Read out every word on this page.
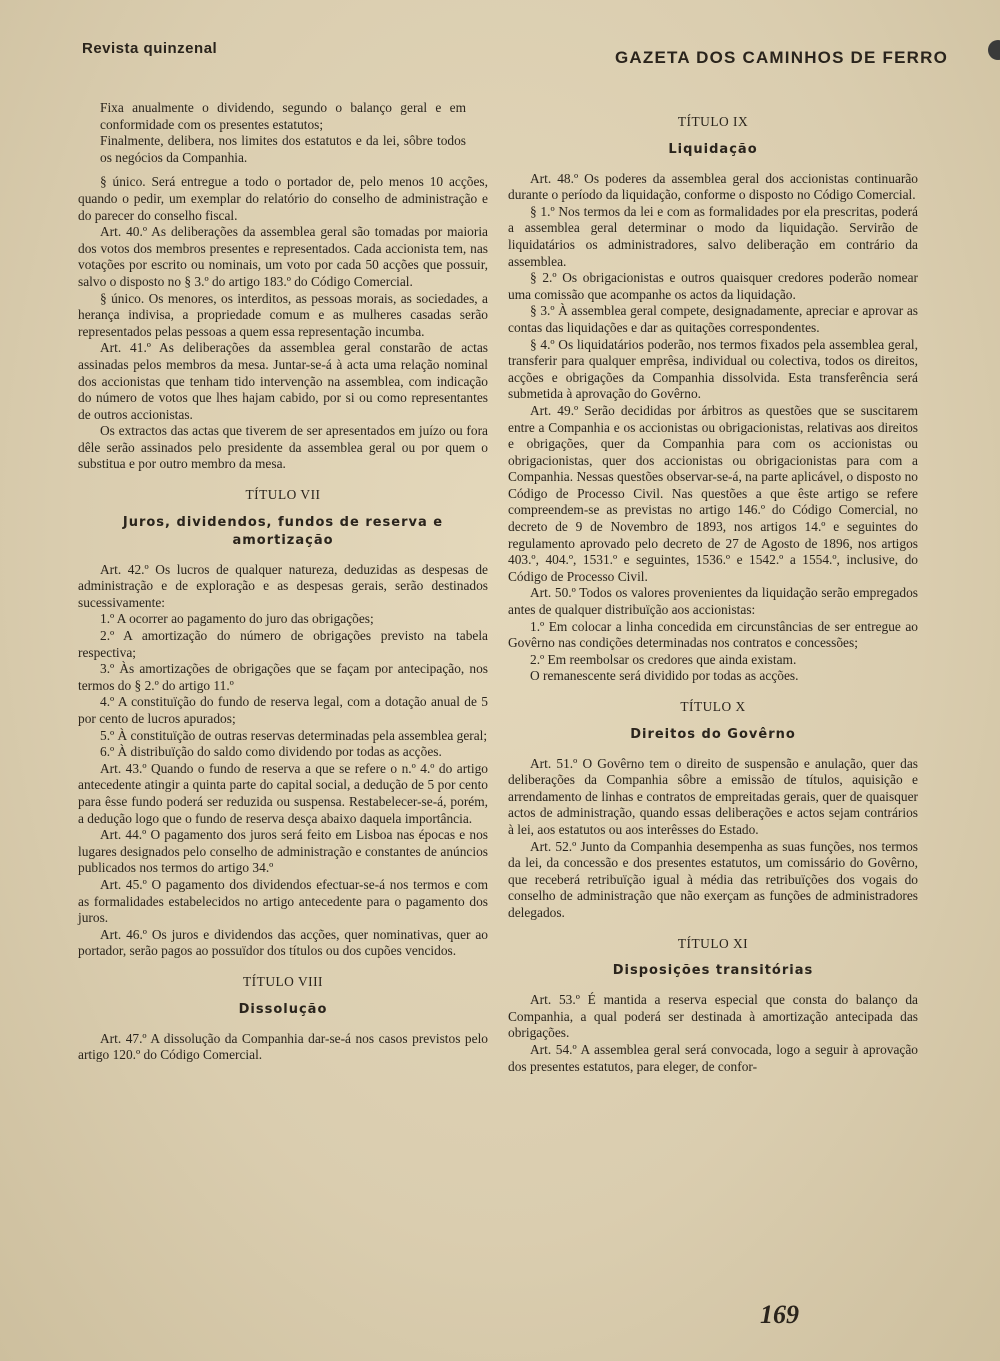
Revista quinzenal	GAZETA DOS CAMINHOS DE FERRO

Fixa anualmente o dividendo, segundo o balanço geral e em conformidade com os presentes estatutos;

Finalmente, delibera, nos limites dos estatutos e da lei, sôbre todos os negócios da Companhia.

§ único. Será entregue a todo o portador de, pelo menos 10 acções, quando o pedir, um exemplar do relatório do conselho de administração e do parecer do conselho fiscal.

Art. 40.º As deliberações da assemblea geral são tomadas por maioria dos votos dos membros presentes e representados. Cada accionista tem, nas votações por escrito ou nominais, um voto por cada 50 acções que possuir, salvo o disposto no § 3.º do artigo 183.º do Código Comercial.

§ único. Os menores, os interditos, as pessoas morais, as sociedades, a herança indivisa, a propriedade comum e as mulheres casadas serão representados pelas pessoas a quem essa representação incumba.

Art. 41.º As deliberações da assemblea geral constarão de actas assinadas pelos membros da mesa. Juntar-se-á à acta uma relação nominal dos accionistas que tenham tido intervenção na assemblea, com indicação do número de votos que lhes hajam cabido, por si ou como representantes de outros accionistas.

Os extractos das actas que tiverem de ser apresentados em juízo ou fora dêle serão assinados pelo presidente da assemblea geral ou por quem o substitua e por outro membro da mesa.

TÍTULO VII
Juros, dividendos, fundos de reserva e amortização

Art. 42.º Os lucros de qualquer natureza, deduzidas as despesas de administração e de exploração e as despesas gerais, serão destinados sucessivamente:

1.º A ocorrer ao pagamento do juro das obrigações;

2.º A amortização do número de obrigações previsto na tabela respectiva;

3.º Às amortizações de obrigações que se façam por antecipação, nos termos do § 2.º do artigo 11.º

4.º A constituïção do fundo de reserva legal, com a dotação anual de 5 por cento de lucros apurados;

5.º À constituïção de outras reservas determinadas pela assemblea geral;

6.º À distribuïção do saldo como dividendo por todas as acções.

Art. 43.º Quando o fundo de reserva a que se refere o n.º 4.º do artigo antecedente atingir a quinta parte do capital social, a dedução de 5 por cento para êsse fundo poderá ser reduzida ou suspensa. Restabelecer-se-á, porém, a dedução logo que o fundo de reserva desça abaixo daquela importância.

Art. 44.º O pagamento dos juros será feito em Lisboa nas épocas e nos lugares designados pelo conselho de administração e constantes de anúncios publicados nos termos do artigo 34.º

Art. 45.º O pagamento dos dividendos efectuar-se-á nos termos e com as formalidades estabelecidos no artigo antecedente para o pagamento dos juros.

Art. 46.º Os juros e dividendos das acções, quer nominativas, quer ao portador, serão pagos ao possuïdor dos títulos ou dos cupões vencidos.

TÍTULO VIII
Dissolução

Art. 47.º A dissolução da Companhia dar-se-á nos casos previstos pelo artigo 120.º do Código Comercial.

TÍTULO IX
Liquidação

Art. 48.º Os poderes da assemblea geral dos accionistas continuarão durante o período da liquidação, conforme o disposto no Código Comercial.

§ 1.º Nos termos da lei e com as formalidades por ela prescritas, poderá a assemblea geral determinar o modo da liquidação. Servirão de liquidatários os administradores, salvo deliberação em contrário da assemblea.

§ 2.º Os obrigacionistas e outros quaisquer credores poderão nomear uma comissão que acompanhe os actos da liquidação.

§ 3.º À assemblea geral compete, designadamente, apreciar e aprovar as contas das liquidações e dar as quitações correspondentes.

§ 4.º Os liquidatários poderão, nos termos fixados pela assemblea geral, transferir para qualquer emprêsa, individual ou colectiva, todos os direitos, acções e obrigações da Companhia dissolvida. Esta transferência será submetida à aprovação do Govêrno.

Art. 49.º Serão decididas por árbitros as questões que se suscitarem entre a Companhia e os accionistas ou obrigacionistas, relativas aos direitos e obrigações, quer da Companhia para com os accionistas ou obrigacionistas, quer dos accionistas ou obrigacionistas para com a Companhia. Nessas questões observar-se-á, na parte aplicável, o disposto no Código de Processo Civil. Nas questões a que êste artigo se refere compreendem-se as previstas no artigo 146.º do Código Comercial, no decreto de 9 de Novembro de 1893, nos artigos 14.º e seguintes do regulamento aprovado pelo decreto de 27 de Agosto de 1896, nos artigos 403.º, 404.º, 1531.º e seguintes, 1536.º e 1542.º a 1554.º, inclusive, do Código de Processo Civil.

Art. 50.º Todos os valores provenientes da liquidação serão empregados antes de qualquer distribuïção aos accionistas:

1.º Em colocar a linha concedida em circunstâncias de ser entregue ao Govêrno nas condições determinadas nos contratos e concessões;

2.º Em reembolsar os credores que ainda existam.

O remanescente será dividido por todas as acções.

TÍTULO X
Direitos do Govêrno

Art. 51.º O Govêrno tem o direito de suspensão e anulação, quer das deliberações da Companhia sôbre a emissão de títulos, aquisição e arrendamento de linhas e contratos de empreitadas gerais, quer de quaisquer actos de administração, quando essas deliberações e actos sejam contrários à lei, aos estatutos ou aos interêsses do Estado.

Art. 52.º Junto da Companhia desempenha as suas funções, nos termos da lei, da concessão e dos presentes estatutos, um comissário do Govêrno, que receberá retribuïção igual à média das retribuïções dos vogais do conselho de administração que não exerçam as funções de administradores delegados.

TÍTULO XI
Disposições transitórias

Art. 53.º É mantida a reserva especial que consta do balanço da Companhia, a qual poderá ser destinada à amortização antecipada das obrigações.

Art. 54.º A assemblea geral será convocada, logo a seguir à aprovação dos presentes estatutos, para eleger, de confor-

169
